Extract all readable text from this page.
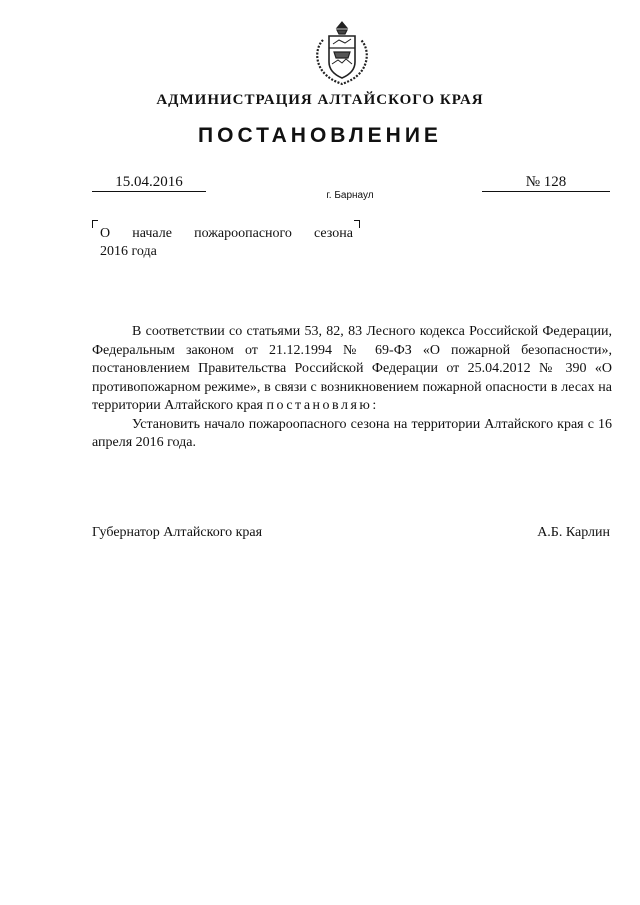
АДМИНИСТРАЦИЯ АЛТАЙСКОГО КРАЯ
ПОСТАНОВЛЕНИЕ
15.04.2016
г. Барнаул
№ 128
О начале пожароопасного сезона
2016 года

В соответствии со статьями 53, 82, 83 Лесного кодекса Российской Федерации, Федеральным законом от 21.12.1994 № 69-ФЗ «О пожарной безопасности», постановлением Правительства Российской Федерации от 25.04.2012 № 390 «О противопожарном режиме», в связи с возникновением пожарной опасности в лесах на территории Алтайского края постановляю:

Установить начало пожароопасного сезона на территории Алтайского края с 16 апреля 2016 года.

Губернатор Алтайского края	А.Б. Карлин
